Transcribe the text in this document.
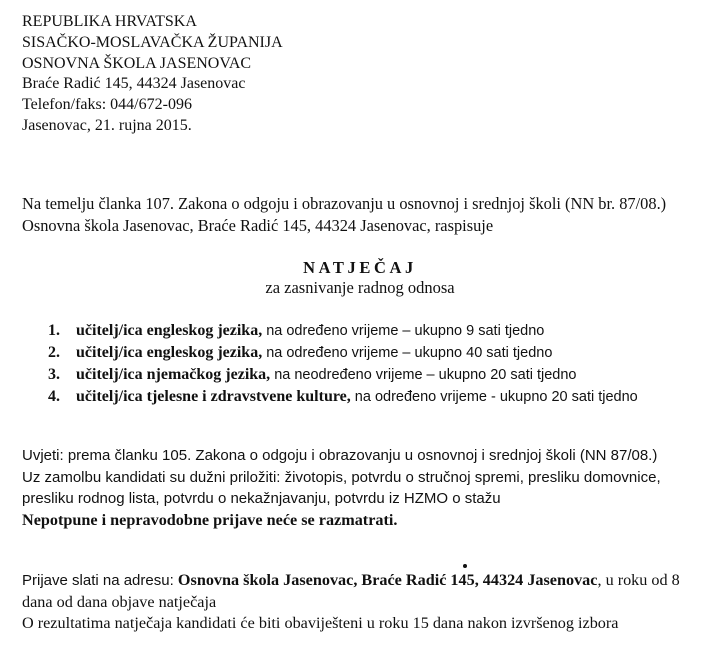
REPUBLIKA HRVATSKA
SISAČKO-MOSLAVAČKA ŽUPANIJA
OSNOVNA ŠKOLA JASENOVAC
Braće Radić 145, 44324 Jasenovac
Telefon/faks: 044/672-096
Jasenovac, 21. rujna 2015.
Na temelju članka 107. Zakona o odgoju i obrazovanju u osnovnoj i srednjoj školi (NN br. 87/08.) Osnovna škola Jasenovac, Braće Radić 145, 44324 Jasenovac, raspisuje
NATJEČAJ
za zasnivanje radnog odnosa
1. učitelj/ica engleskog jezika, na određeno vrijeme – ukupno 9 sati tjedno
2. učitelj/ica engleskog jezika, na određeno vrijeme – ukupno 40 sati tjedno
3. učitelj/ica njemačkog jezika, na neodređeno vrijeme – ukupno 20 sati tjedno
4. učitelj/ica tjelesne i zdravstvene kulture, na određeno vrijeme - ukupno 20 sati tjedno

Uvjeti: prema članku 105. Zakona o odgoju i obrazovanju u osnovnoj i srednjoj školi (NN 87/08.)

Uz zamolbu kandidati su dužni priložiti: životopis, potvrdu o stručnoj spremi, presliku domovnice, presliku rodnog lista, potvrdu o nekažnjavanju, potvrdu iz HZMO o stažu

Nepotpune i nepravodobne prijave neće se razmatrati.

Prijave slati na adresu: Osnovna škola Jasenovac, Braće Radić 145, 44324 Jasenovac, u roku od 8 dana od dana objave natječaja

O rezultatima natječaja kandidati će biti obaviješteni u roku 15 dana nakon izvršenog izbora
